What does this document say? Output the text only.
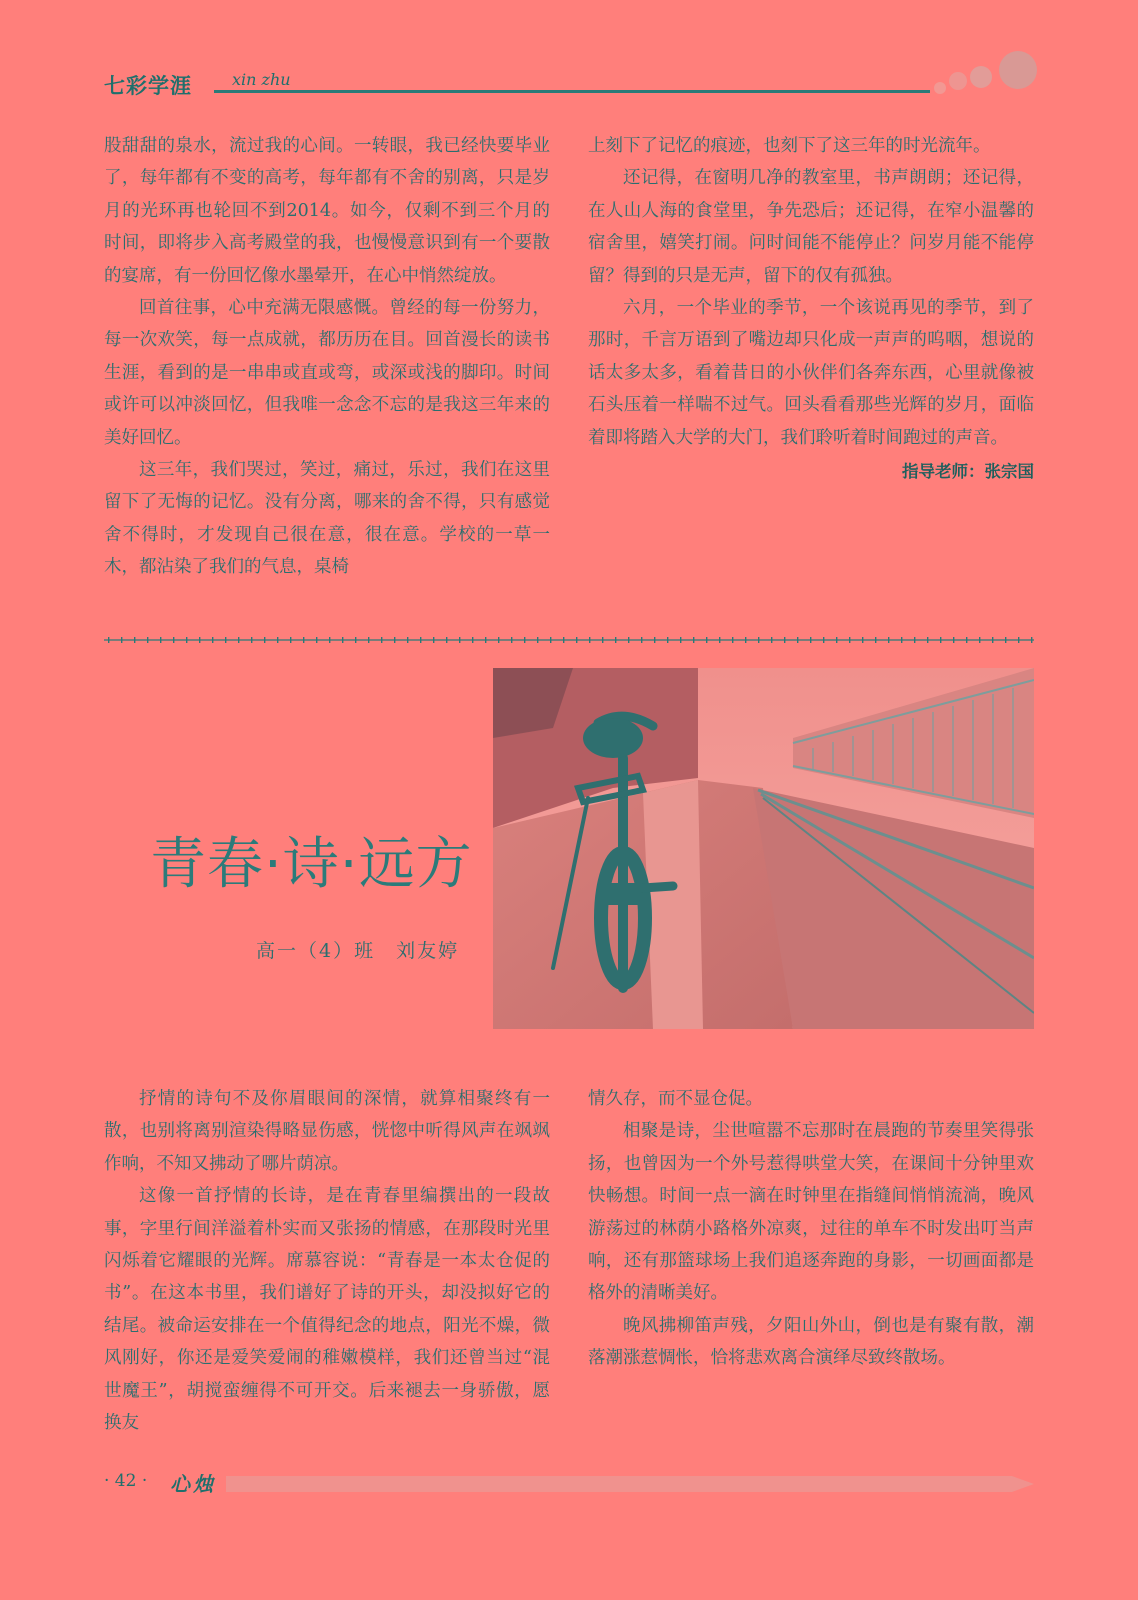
七彩学涯	xin zhu

股甜甜的泉水，流过我的心间。一转眼，我已经快要毕业了，每年都有不变的高考，每年都有不舍的别离，只是岁月的光环再也轮回不到2014。如今，仅剩不到三个月的时间，即将步入高考殿堂的我，也慢慢意识到有一个要散的宴席，有一份回忆像水墨晕开，在心中悄然绽放。

回首往事，心中充满无限感慨。曾经的每一份努力，每一次欢笑，每一点成就，都历历在目。回首漫长的读书生涯，看到的是一串串或直或弯，或深或浅的脚印。时间或许可以冲淡回忆，但我唯一念念不忘的是我这三年来的美好回忆。

这三年，我们哭过，笑过，痛过，乐过，我们在这里留下了无悔的记忆。没有分离，哪来的舍不得，只有感觉舍不得时，才发现自己很在意，很在意。学校的一草一木，都沾染了我们的气息，桌椅

上刻下了记忆的痕迹，也刻下了这三年的时光流年。

还记得，在窗明几净的教室里，书声朗朗；还记得，在人山人海的食堂里，争先恐后；还记得，在窄小温馨的宿舍里，嬉笑打闹。问时间能不能停止？问岁月能不能停留？得到的只是无声，留下的仅有孤独。

六月，一个毕业的季节，一个该说再见的季节，到了那时，千言万语到了嘴边却只化成一声声的呜咽，想说的话太多太多，看着昔日的小伙伴们各奔东西，心里就像被石头压着一样喘不过气。回头看看那些光辉的岁月，面临着即将踏入大学的大门，我们聆听着时间跑过的声音。

指导老师：张宗国
青春·诗·远方
高一（4）班　刘友婷

抒情的诗句不及你眉眼间的深情，就算相聚终有一散，也别将离别渲染得略显伤感，恍惚中听得风声在飒飒作响，不知又拂动了哪片荫凉。

这像一首抒情的长诗，是在青春里编撰出的一段故事，字里行间洋溢着朴实而又张扬的情感，在那段时光里闪烁着它耀眼的光辉。席慕容说：“青春是一本太仓促的书”。在这本书里，我们谱好了诗的开头，却没拟好它的结尾。被命运安排在一个值得纪念的地点，阳光不燥，微风刚好，你还是爱笑爱闹的稚嫩模样，我们还曾当过“混世魔王”，胡搅蛮缠得不可开交。后来褪去一身骄傲，愿换友

情久存，而不显仓促。

相聚是诗，尘世喧嚣不忘那时在晨跑的节奏里笑得张扬，也曾因为一个外号惹得哄堂大笑，在课间十分钟里欢快畅想。时间一点一滴在时钟里在指缝间悄悄流淌，晚风游荡过的林荫小路格外凉爽，过往的单车不时发出叮当声响，还有那篮球场上我们追逐奔跑的身影，一切画面都是格外的清晰美好。

晚风拂柳笛声残，夕阳山外山，倒也是有聚有散，潮落潮涨惹惆怅，恰将悲欢离合演绎尽致终散场。

· 42 · 心烛
